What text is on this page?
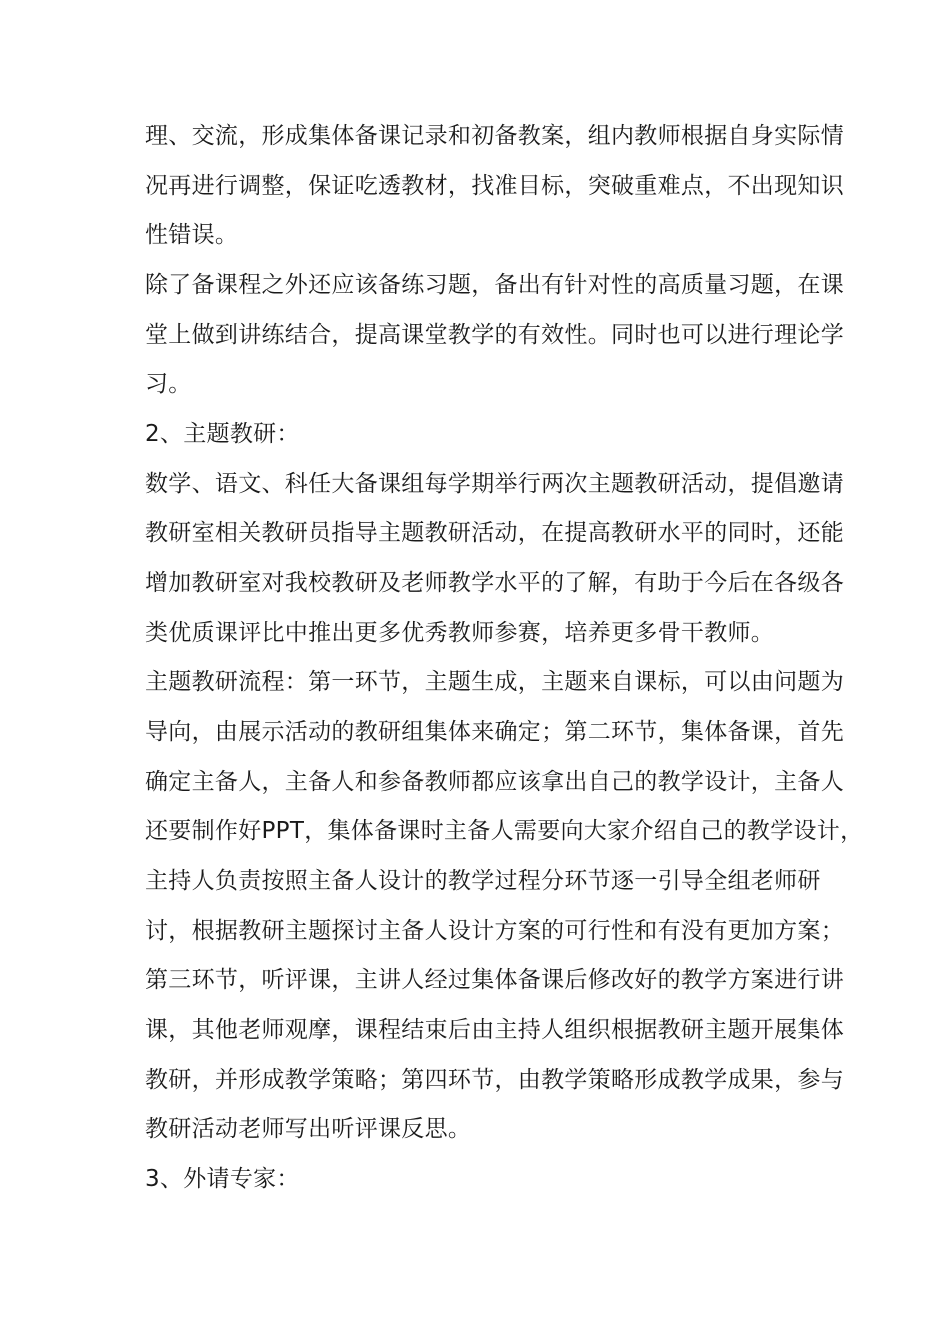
理、交流，形成集体备课记录和初备教案，组内教师根据自身实际情
况再进行调整，保证吃透教材，找准目标，突破重难点，不出现知识
性错误。
除了备课程之外还应该备练习题，备出有针对性的高质量习题，在课
堂上做到讲练结合，提高课堂教学的有效性。同时也可以进行理论学
习。
2、主题教研：
数学、语文、科任大备课组每学期举行两次主题教研活动，提倡邀请
教研室相关教研员指导主题教研活动，在提高教研水平的同时，还能
增加教研室对我校教研及老师教学水平的了解，有助于今后在各级各
类优质课评比中推出更多优秀教师参赛，培养更多骨干教师。
主题教研流程：第一环节，主题生成，主题来自课标，可以由问题为
导向，由展示活动的教研组集体来确定；第二环节，集体备课，首先
确定主备人，主备人和参备教师都应该拿出自己的教学设计，主备人
还要制作好PPT，集体备课时主备人需要向大家介绍自己的教学设计，
主持人负责按照主备人设计的教学过程分环节逐一引导全组老师研
讨，根据教研主题探讨主备人设计方案的可行性和有没有更加方案；
第三环节，听评课，主讲人经过集体备课后修改好的教学方案进行讲
课，其他老师观摩，课程结束后由主持人组织根据教研主题开展集体
教研，并形成教学策略；第四环节，由教学策略形成教学成果，参与
教研活动老师写出听评课反思。
3、外请专家：
